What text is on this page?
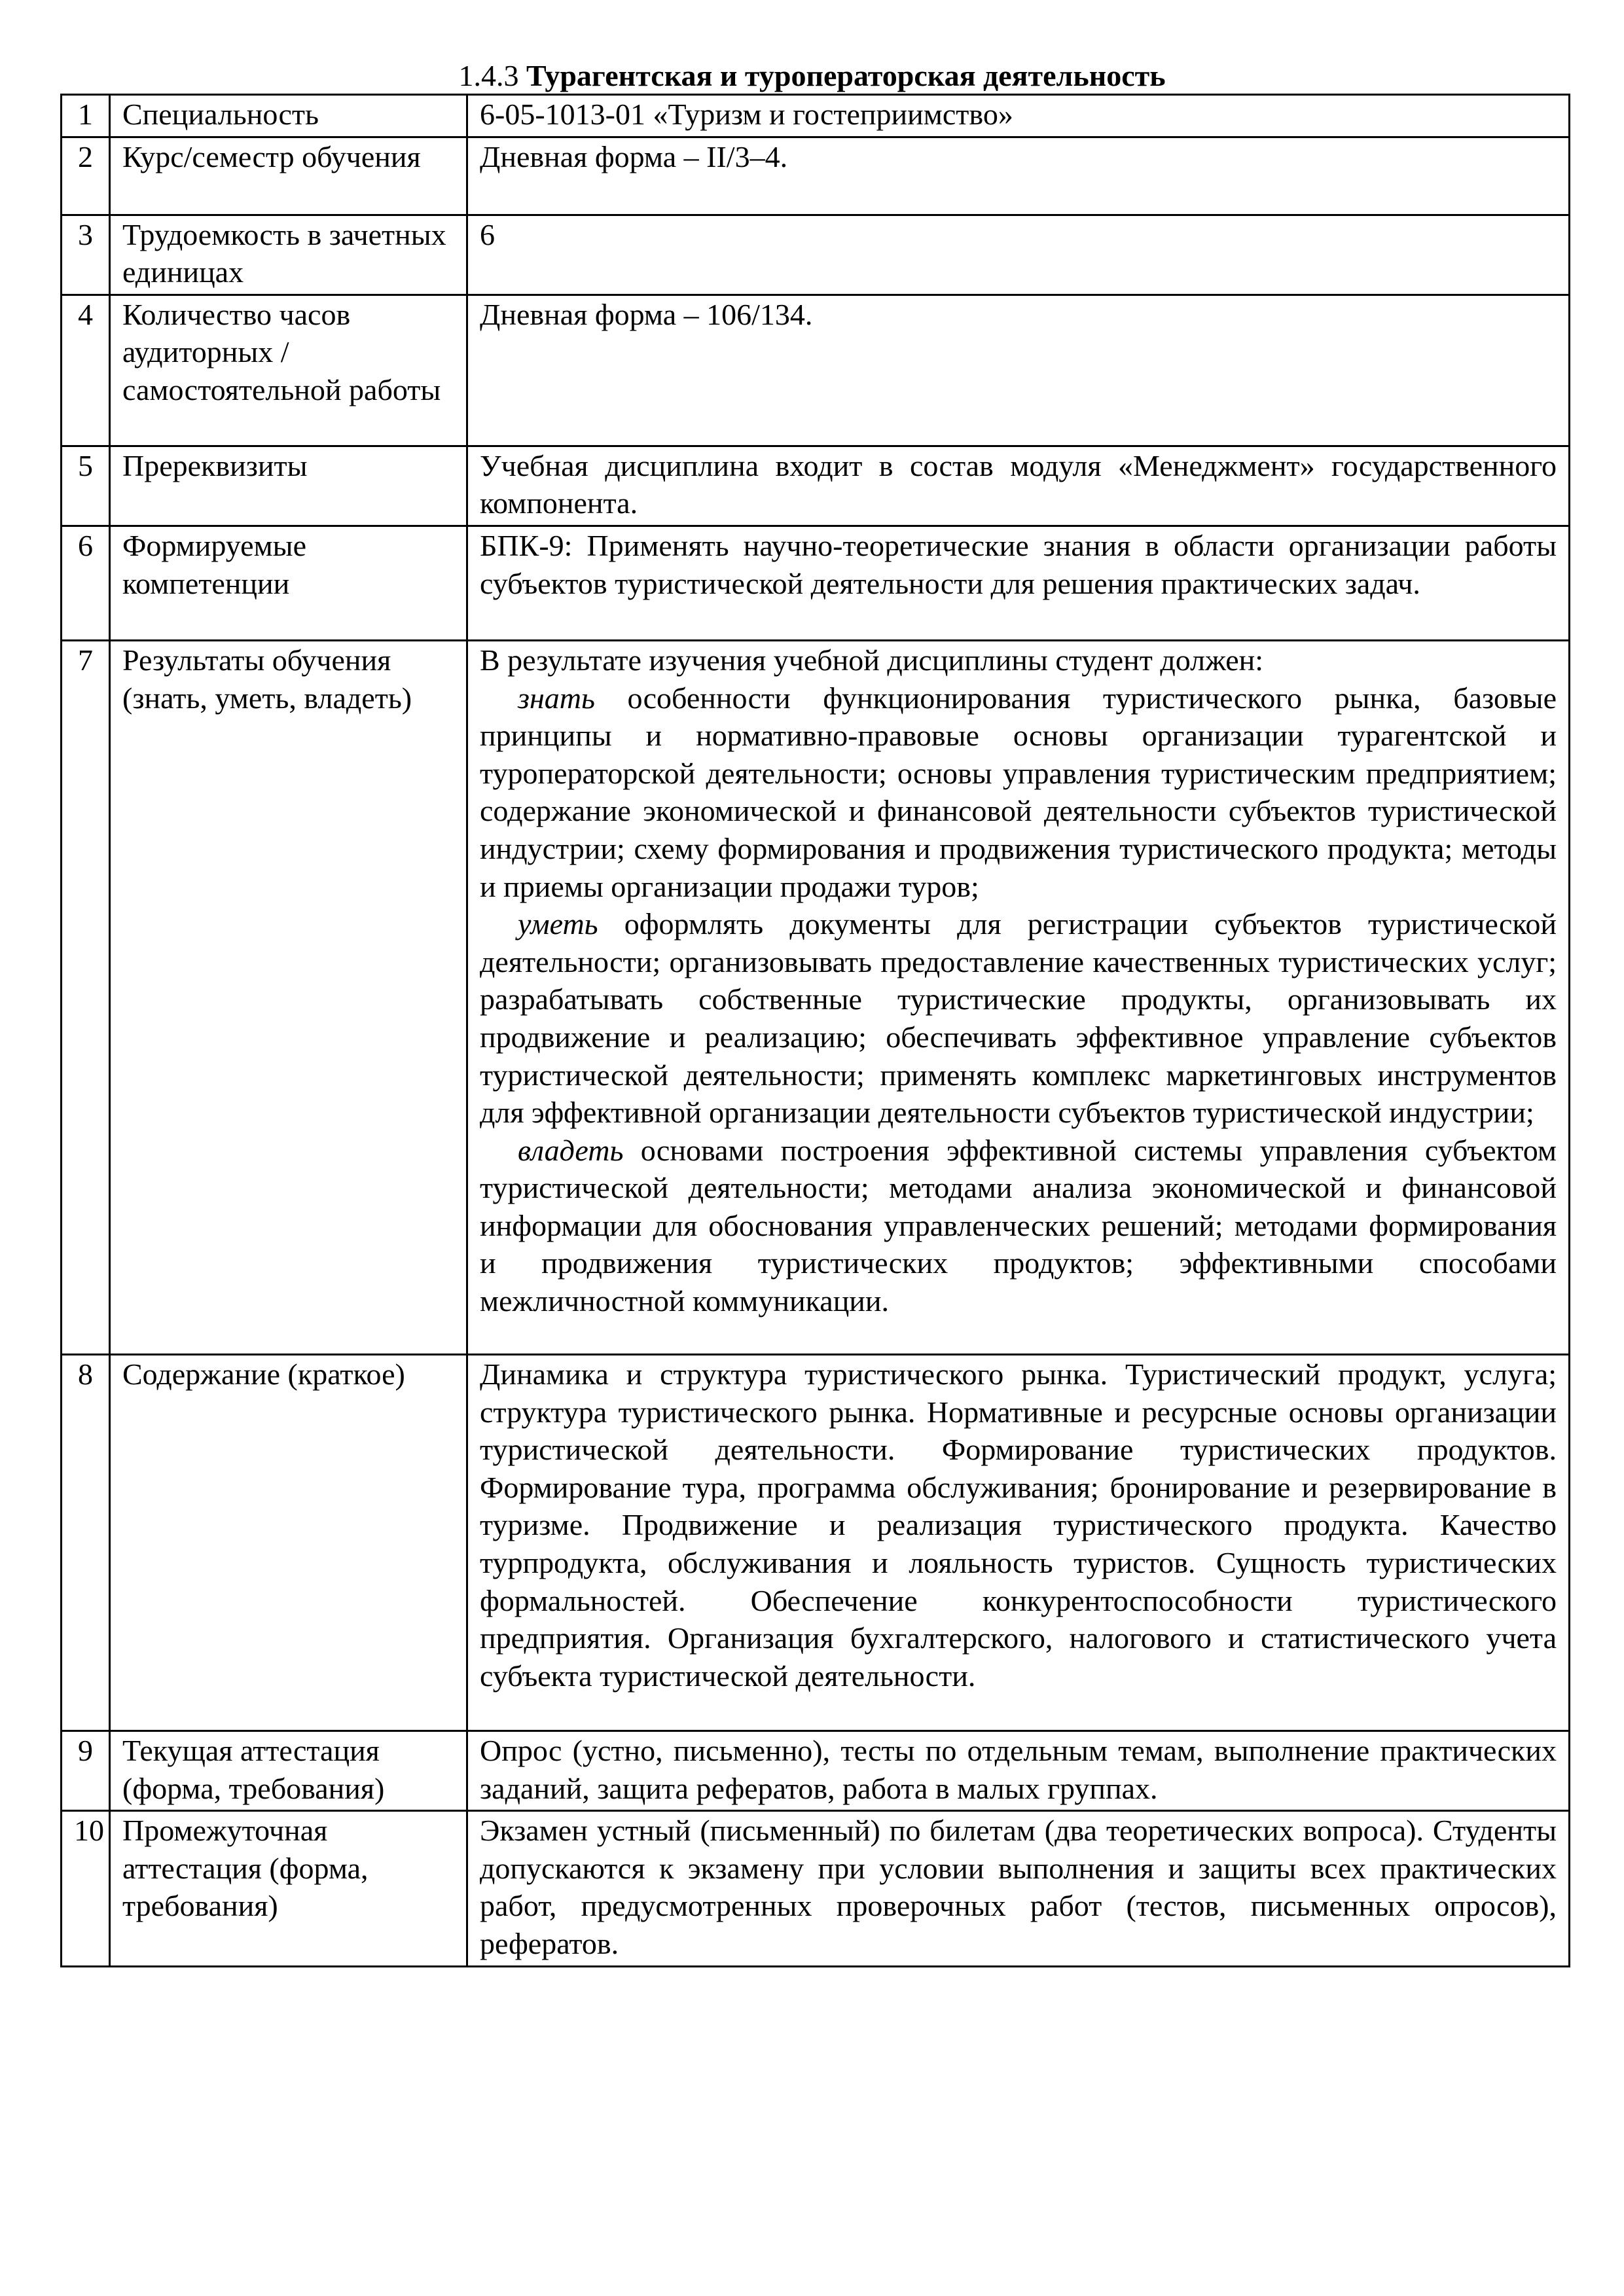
1.4.3 Турагентская и туроператорская деятельность
1	Специальность	6-05-1013-01 «Туризм и гостеприимство»
2	Курс/семестр обучения	Дневная форма – II/3–4.
3	Трудоемкость в зачетных единицах	6
4	Количество часов аудиторных / самостоятельной работы	Дневная форма – 106/134.
5	Пререквизиты	Учебная дисциплина входит в состав модуля «Менеджмент» государственного компонента.
6	Формируемые компетенции	БПК-9: Применять научно-теоретические знания в области организации работы субъектов туристической деятельности для решения практических задач.
7	Результаты обучения (знать, уметь, владеть)	В результате изучения учебной дисциплины студент должен:
знать особенности функционирования туристического рынка, базовые принципы и нормативно-правовые основы организации турагентской и туроператорской деятельности; основы управления туристическим предприятием; содержание экономической и финансовой деятельности субъектов туристической индустрии; схему формирования и продвижения туристического продукта; методы и приемы организации продажи туров;
уметь оформлять документы для регистрации субъектов туристической деятельности; организовывать предоставление качественных туристических услуг; разрабатывать собственные туристические продукты, организовывать их продвижение и реализацию; обеспечивать эффективное управление субъектов туристической деятельности; применять комплекс маркетинговых инструментов для эффективной организации деятельности субъектов туристической индустрии;
владеть основами построения эффективной системы управления субъектом туристической деятельности; методами анализа экономической и финансовой информации для обоснования управленческих решений; методами формирования и продвижения туристических продуктов; эффективными способами межличностной коммуникации.

8	Содержание (краткое)	Динамика и структура туристического рынка. Туристический продукт, услуга; структура туристического рынка. Нормативные и ресурсные основы организации туристической деятельности. Формирование туристических продуктов. Формирование тура, программа обслуживания; бронирование и резервирование в туризме. Продвижение и реализация туристического продукта. Качество турпродукта, обслуживания и лояльность туристов. Сущность туристических формальностей. Обеспечение конкурентоспособности туристического предприятия. Организация бухгалтерского, налогового и статистического учета субъекта туристической деятельности.
9	Текущая аттестация (форма, требования)	Опрос (устно, письменно), тесты по отдельным темам, выполнение практических заданий, защита рефератов, работа в малых группах.
10	Промежуточная аттестация (форма, требования)	Экзамен устный (письменный) по билетам (два теоретических вопроса). Студенты допускаются к экзамену при условии выполнения и защиты всех практических работ, предусмотренных проверочных работ (тестов, письменных опросов), рефератов.
